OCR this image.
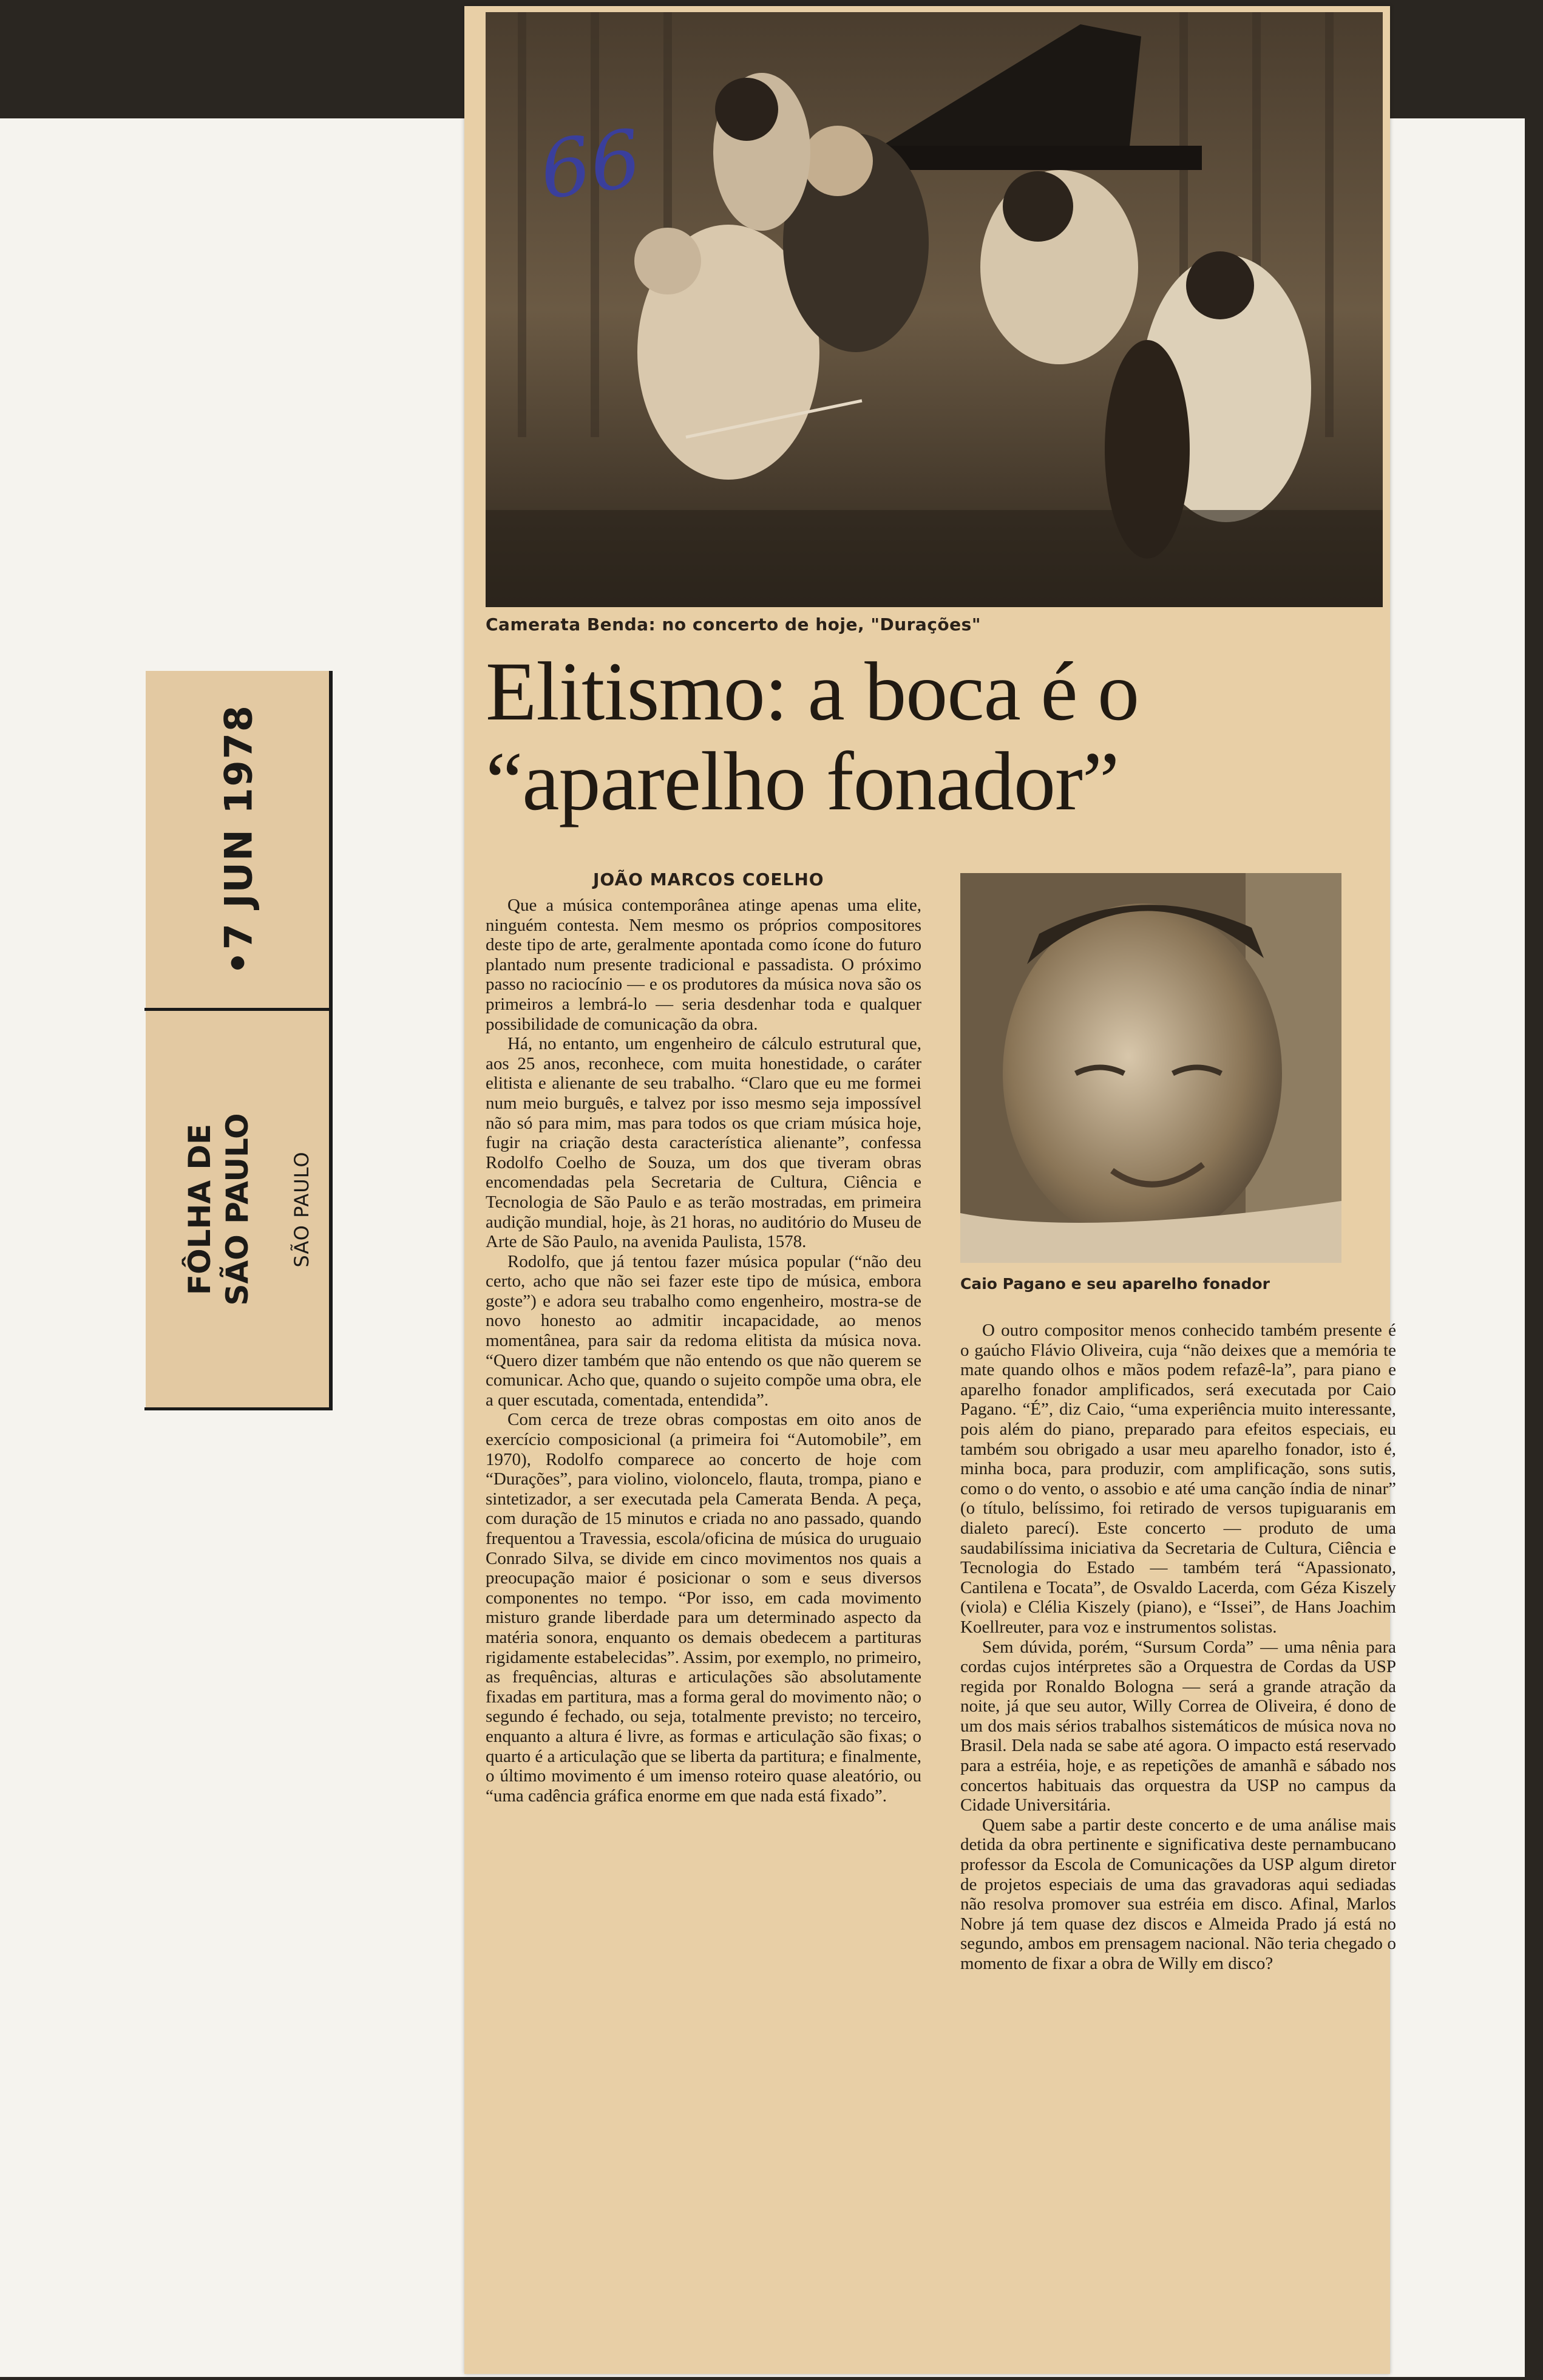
•7 JUN 1978
FÔLHA DE SÃO PAULO SÃO PAULO
66
Camerata Benda: no concerto de hoje, "Durações"
Elitismo: a boca é o
“aparelho fonador”
JOÃO MARCOS COELHO
Caio Pagano e seu aparelho fonador

Que a música contemporânea atinge apenas uma elite, ninguém contesta. Nem mesmo os próprios compositores deste tipo de arte, geralmente apontada como ícone do futuro plantado num presente tradicional e passadista. O próximo passo no raciocínio — e os produtores da música nova são os primeiros a lembrá-lo — seria desdenhar toda e qualquer possibilidade de comunicação da obra.

Há, no entanto, um engenheiro de cálculo estrutural que, aos 25 anos, reconhece, com muita honestidade, o caráter elitista e alienante de seu trabalho. “Claro que eu me formei num meio burguês, e talvez por isso mesmo seja impossível não só para mim, mas para todos os que criam música hoje, fugir na criação desta característica alienante”, confessa Rodolfo Coelho de Souza, um dos que tiveram obras encomendadas pela Secretaria de Cultura, Ciência e Tecnologia de São Paulo e as terão mostradas, em primeira audição mundial, hoje, às 21 horas, no auditório do Museu de Arte de São Paulo, na avenida Paulista, 1578.

Rodolfo, que já tentou fazer música popular (“não deu certo, acho que não sei fazer este tipo de música, embora goste”) e adora seu trabalho como engenheiro, mostra-se de novo honesto ao admitir incapacidade, ao menos momentânea, para sair da redoma elitista da música nova. “Quero dizer também que não entendo os que não querem se comunicar. Acho que, quando o sujeito compõe uma obra, ele a quer escutada, comentada, entendida”.

Com cerca de treze obras compostas em oito anos de exercício composicional (a primeira foi “Automobile”, em 1970), Rodolfo comparece ao concerto de hoje com “Durações”, para violino, violoncelo, flauta, trompa, piano e sintetizador, a ser executada pela Camerata Benda. A peça, com duração de 15 minutos e criada no ano passado, quando frequentou a Travessia, escola/oficina de música do uruguaio Conrado Silva, se divide em cinco movimentos nos quais a preocupação maior é posicionar o som e seus diversos componentes no tempo. “Por isso, em cada movimento misturo grande liberdade para um determinado aspecto da matéria sonora, enquanto os demais obedecem a partituras rigidamente estabelecidas”. Assim, por exemplo, no primeiro, as frequências, alturas e articulações são absolutamente fixadas em partitura, mas a forma geral do movimento não; o segundo é fechado, ou seja, totalmente previsto; no terceiro, enquanto a altura é livre, as formas e articulação são fixas; o quarto é a articulação que se liberta da partitura; e finalmente, o último movimento é um imenso roteiro quase aleatório, ou “uma cadência gráfica enorme em que nada está fixado”.

O outro compositor menos conhecido também presente é o gaúcho Flávio Oliveira, cuja “não deixes que a memória te mate quando olhos e mãos podem refazê-la”, para piano e aparelho fonador amplificados, será executada por Caio Pagano. “É”, diz Caio, “uma experiência muito interessante, pois além do piano, preparado para efeitos especiais, eu também sou obrigado a usar meu aparelho fonador, isto é, minha boca, para produzir, com amplificação, sons sutis, como o do vento, o assobio e até uma canção índia de ninar” (o título, belíssimo, foi retirado de versos tupiguaranis em dialeto parecí). Este concerto — produto de uma saudabilíssima iniciativa da Secretaria de Cultura, Ciência e Tecnologia do Estado — também terá “Apassionato, Cantilena e Tocata”, de Osvaldo Lacerda, com Géza Kiszely (viola) e Clélia Kiszely (piano), e “Issei”, de Hans Joachim Koellreuter, para voz e instrumentos solistas.

Sem dúvida, porém, “Sursum Corda” — uma nênia para cordas cujos intérpretes são a Orquestra de Cordas da USP regida por Ronaldo Bologna — será a grande atração da noite, já que seu autor, Willy Correa de Oliveira, é dono de um dos mais sérios trabalhos sistemáticos de música nova no Brasil. Dela nada se sabe até agora. O impacto está reservado para a estréia, hoje, e as repetições de amanhã e sábado nos concertos habituais das orquestra da USP no campus da Cidade Universitária.

Quem sabe a partir deste concerto e de uma análise mais detida da obra pertinente e significativa deste pernambucano professor da Escola de Comunicações da USP algum diretor de projetos especiais de uma das gravadoras aqui sediadas não resolva promover sua estréia em disco. Afinal, Marlos Nobre já tem quase dez discos e Almeida Prado já está no segundo, ambos em prensagem nacional. Não teria chegado o momento de fixar a obra de Willy em disco?
